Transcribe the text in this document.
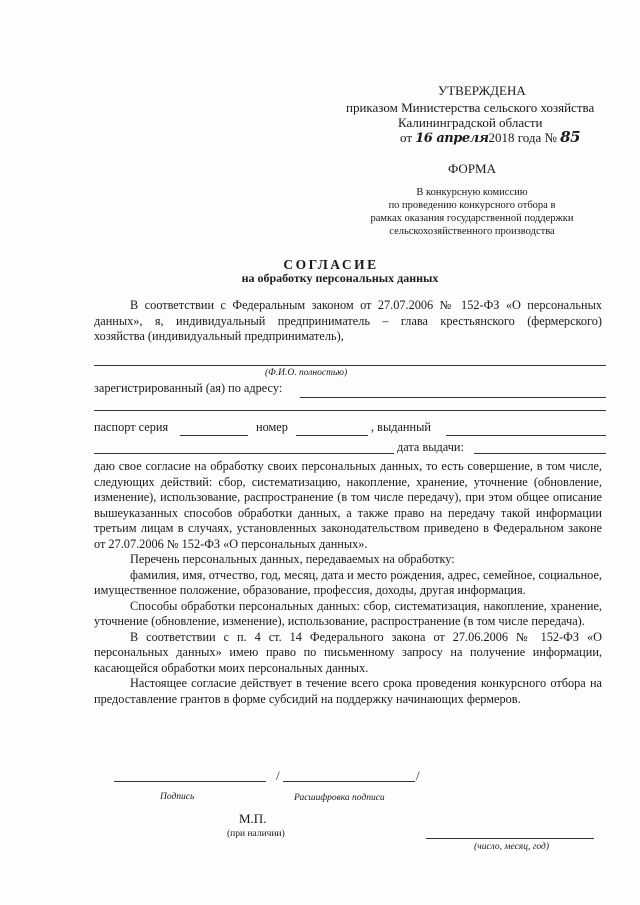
УТВЕРЖДЕНА
приказом Министерства сельского хозяйства
Калининградской области
от 16 апреля2018 года № 85
ФОРМА
В конкурсную комиссию
по проведению конкурсного отбора в
рамках оказания государственной поддержки
сельскохозяйственного производства
СОГЛАСИЕ
на обработку персональных данных

В соответствии с Федеральным законом от 27.07.2006 № 152-ФЗ «О персональных

данных», я, индивидуальный предприниматель – глава крестьянского (фермерского)

хозяйства (индивидуальный предприниматель),

(Ф.И.О. полностью)
зарегистрированный (ая) по адресу:
паспорт серия	номер	, выданный
дата выдачи:

даю свое согласие на обработку своих персональных данных, то есть совершение, в том числе, следующих действий: сбор, систематизацию, накопление, хранение, уточнение (обновление, изменение), использование, распространение (в том числе передачу), при этом общее описание вышеуказанных способов обработки данных, а также право на передачу такой информации третьим лицам в случаях, установленных законодательством приведено в Федеральном законе от 27.07.2006 № 152-ФЗ «О персональных данных».

Перечень персональных данных, передаваемых на обработку:

фамилия, имя, отчество, год, месяц, дата и место рождения, адрес, семейное, социальное, имущественное положение, образование, профессия, доходы, другая информация.

Способы обработки персональных данных: сбор, систематизация, накопление, хранение, уточнение (обновление, изменение), использование, распространение (в том числе передача).

В соответствии с п. 4 ст. 14 Федерального закона от 27.06.2006 № 152-ФЗ «О персональных данных» имею право по письменному запросу на получение информации, касающейся обработки моих персональных данных.

Настоящее согласие действует в течение всего срока проведения конкурсного отбора на предоставление грантов в форме субсидий на поддержку начинающих фермеров.

/	/
Подпись	Расшифровка подписи
М.П.
(при наличии)
(число, месяц, год)
